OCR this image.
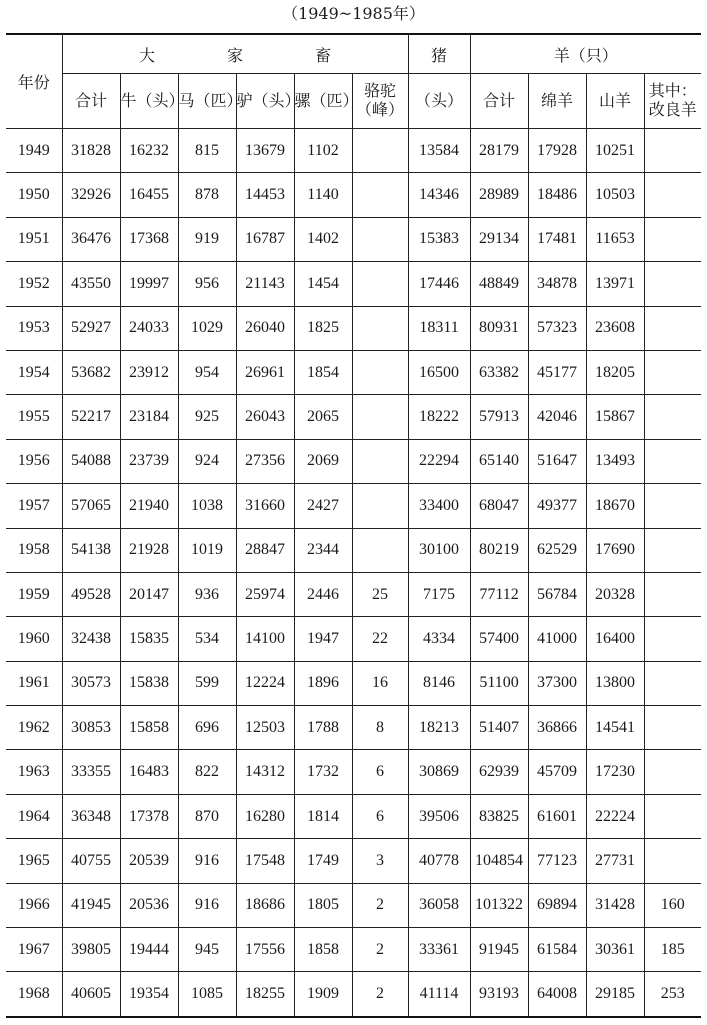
（1949~1985年）
年份	大　家　畜						猪	羊（只）			
	合计	牛（头）	马（匹）	驴（头）	骡（匹）	骆驼（峰）	（头）	合计	绵羊	山羊	其中：改良羊
1949	31828	16232	815	13679	1102		13584	28179	17928	10251	
1950	32926	16455	878	14453	1140		14346	28989	18486	10503	
1951	36476	17368	919	16787	1402		15383	29134	17481	11653	
1952	43550	19997	956	21143	1454		17446	48849	34878	13971	
1953	52927	24033	1029	26040	1825		18311	80931	57323	23608	
1954	53682	23912	954	26961	1854		16500	63382	45177	18205	
1955	52217	23184	925	26043	2065		18222	57913	42046	15867	
1956	54088	23739	924	27356	2069		22294	65140	51647	13493	
1957	57065	21940	1038	31660	2427		33400	68047	49377	18670	
1958	54138	21928	1019	28847	2344		30100	80219	62529	17690	
1959	49528	20147	936	25974	2446	25	7175	77112	56784	20328	
1960	32438	15835	534	14100	1947	22	4334	57400	41000	16400	
1961	30573	15838	599	12224	1896	16	8146	51100	37300	13800	
1962	30853	15858	696	12503	1788	8	18213	51407	36866	14541	
1963	33355	16483	822	14312	1732	6	30869	62939	45709	17230	
1964	36348	17378	870	16280	1814	6	39506	83825	61601	22224	
1965	40755	20539	916	17548	1749	3	40778	104854	77123	27731	
1966	41945	20536	916	18686	1805	2	36058	101322	69894	31428	160
1967	39805	19444	945	17556	1858	2	33361	91945	61584	30361	185
1968	40605	19354	1085	18255	1909	2	41114	93193	64008	29185	253
